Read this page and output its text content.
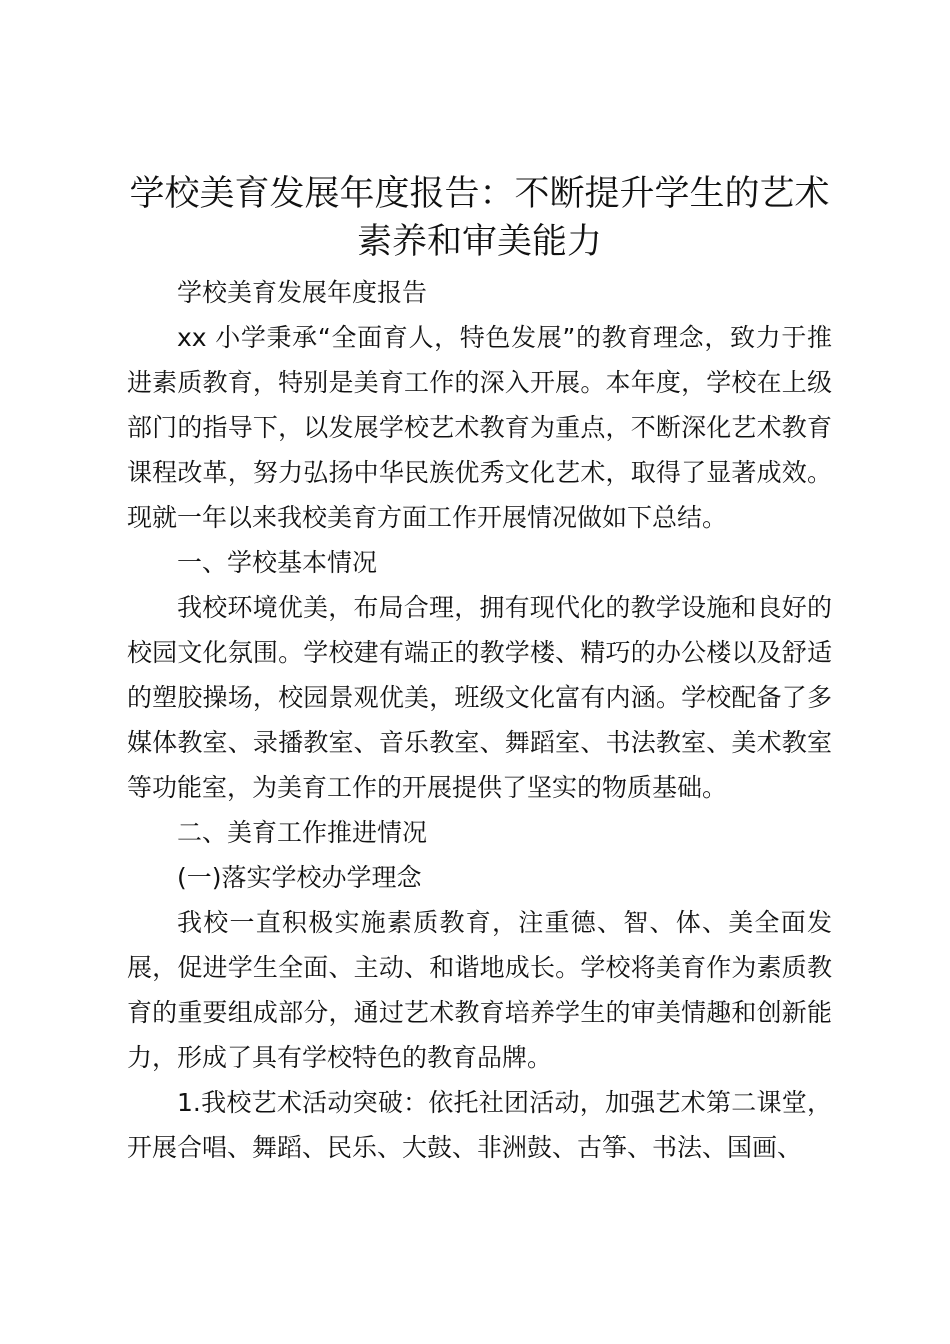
学校美育发展年度报告：不断提升学生的艺术
素养和审美能力

学校美育发展年度报告

xx 小学秉承“全面育人，特色发展”的教育理念，致力于推进素质教育，特别是美育工作的深入开展。本年度，学校在上级部门的指导下，以发展学校艺术教育为重点，不断深化艺术教育课程改革，努力弘扬中华民族优秀文化艺术，取得了显著成效。现就一年以来我校美育方面工作开展情况做如下总结。

一、学校基本情况

我校环境优美，布局合理，拥有现代化的教学设施和良好的校园文化氛围。学校建有端正的教学楼、精巧的办公楼以及舒适的塑胶操场，校园景观优美，班级文化富有内涵。学校配备了多媒体教室、录播教室、音乐教室、舞蹈室、书法教室、美术教室等功能室，为美育工作的开展提供了坚实的物质基础。

二、美育工作推进情况

(一)落实学校办学理念

我校一直积极实施素质教育，注重德、智、体、美全面发展，促进学生全面、主动、和谐地成长。学校将美育作为素质教育的重要组成部分，通过艺术教育培养学生的审美情趣和创新能力，形成了具有学校特色的教育品牌。

1.我校艺术活动突破：依托社团活动，加强艺术第二课堂，开展合唱、舞蹈、民乐、大鼓、非洲鼓、古筝、书法、国画、
